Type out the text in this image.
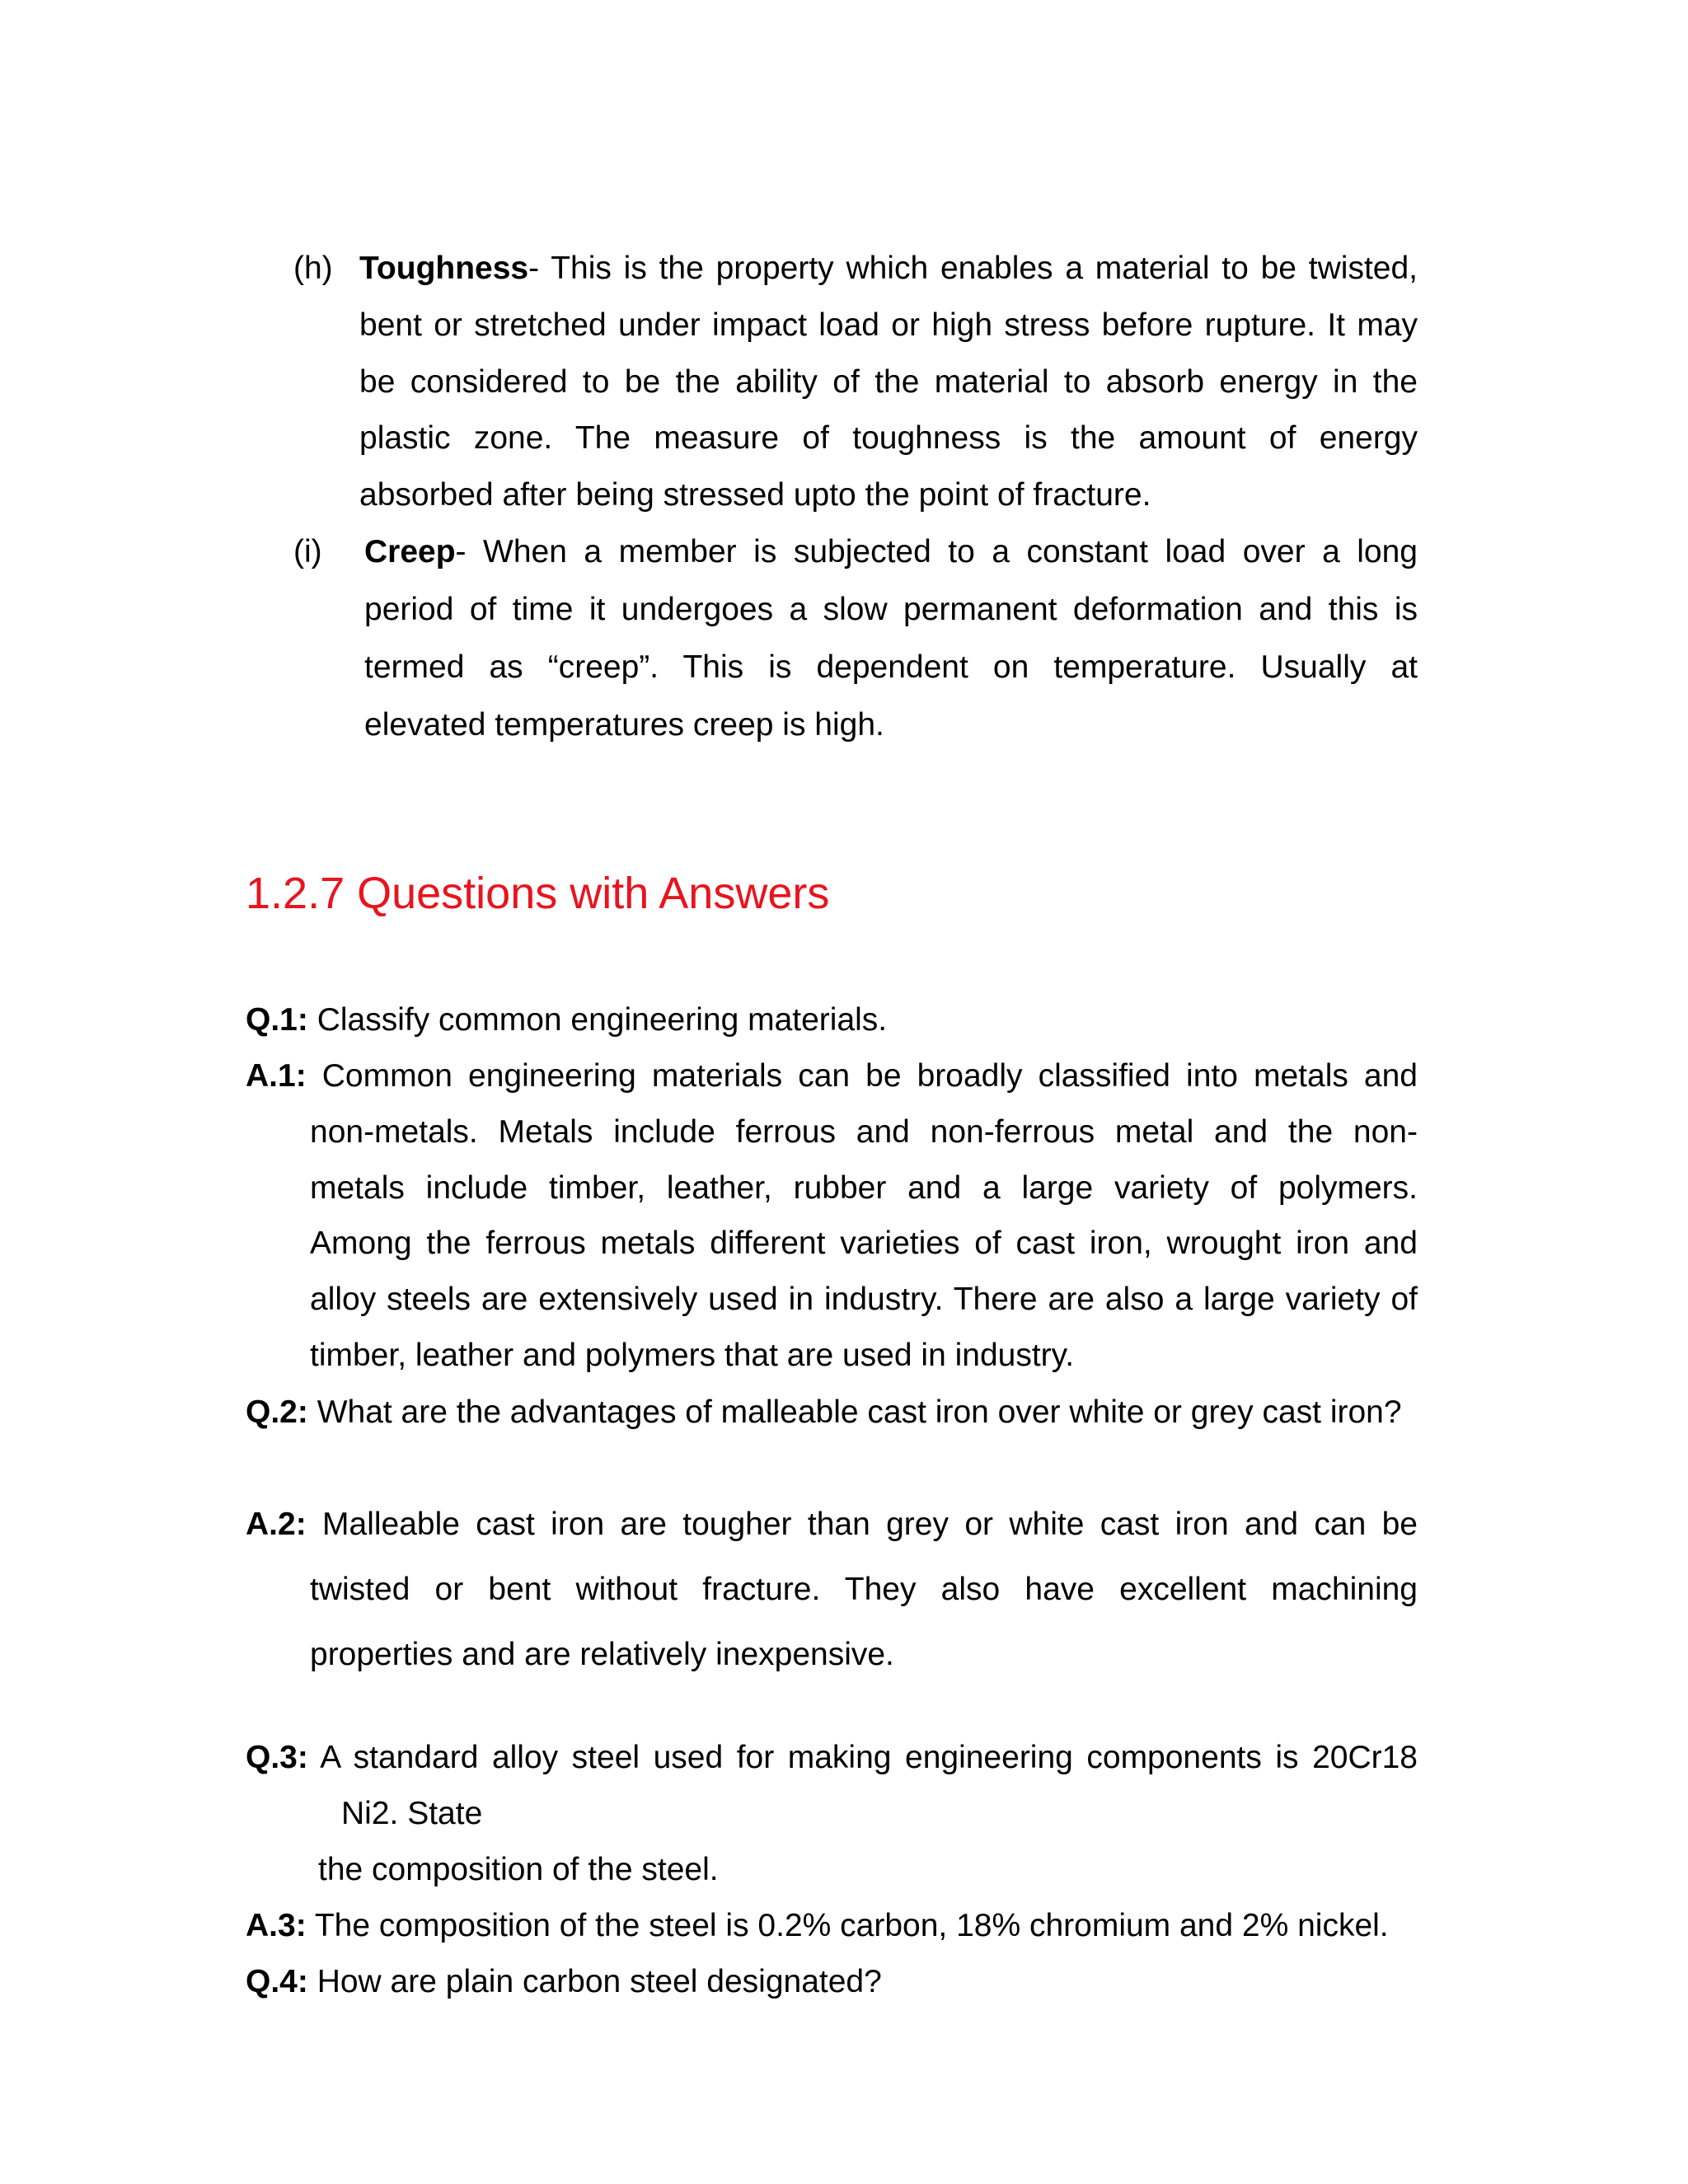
(h) Toughness- This is the property which enables a material to be twisted,
bent or stretched under impact load or high stress before rupture. It may
be considered to be the ability of the material to absorb energy in the
plastic zone. The measure of toughness is the amount of energy
absorbed after being stressed upto the point of fracture.
(i) Creep- When a member is subjected to a constant load over a long
period of time it undergoes a slow permanent deformation and this is
termed as “creep”. This is dependent on temperature. Usually at
elevated temperatures creep is high.
1.2.7 Questions with Answers
Q.1: Classify common engineering materials.
A.1: Common engineering materials can be broadly classified into metals and
non-metals. Metals include ferrous and non-ferrous metal and the non-
metals include timber, leather, rubber and a large variety of polymers.
Among the ferrous metals different varieties of cast iron, wrought iron and
alloy steels are extensively used in industry. There are also a large variety of
timber, leather and polymers that are used in industry.
Q.2: What are the advantages of malleable cast iron over white or grey cast iron?
A.2: Malleable cast iron are tougher than grey or white cast iron and can be
twisted or bent without fracture. They also have excellent machining
properties and are relatively inexpensive.
Q.3: A standard alloy steel used for making engineering components is 20Cr18
Ni2. State
the composition of the steel.
A.3: The composition of the steel is 0.2% carbon, 18% chromium and 2% nickel.
Q.4: How are plain carbon steel designated?
